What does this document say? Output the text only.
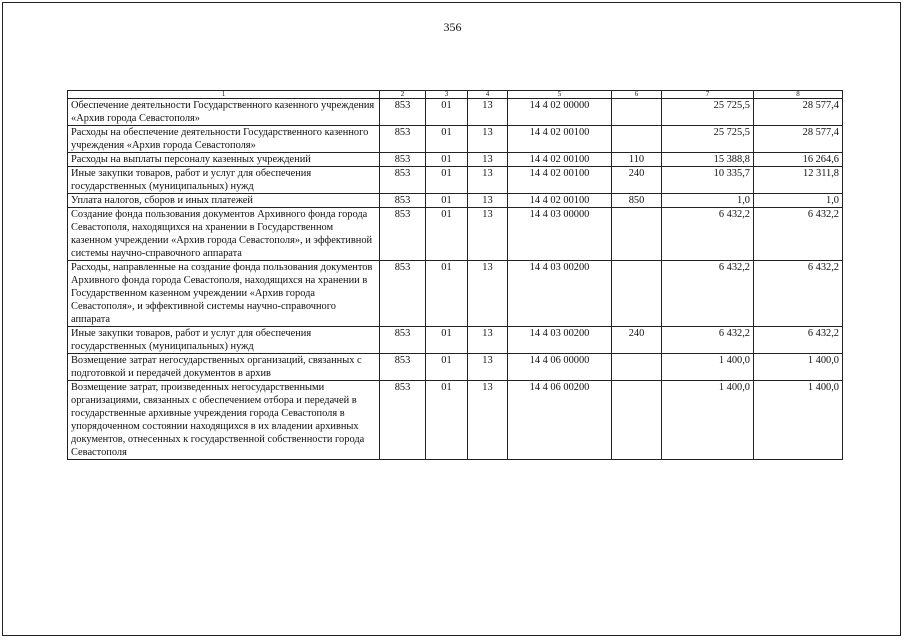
356
1	2	3	4	5	6	7	8
Обеспечение деятельности Государственного казенного учреждения «Архив города Севастополя»	853	01	13	14 4 02 00000		25 725,5	28 577,4
Расходы на обеспечение деятельности Государственного казенного учреждения «Архив города Севастополя»	853	01	13	14 4 02 00100		25 725,5	28 577,4
Расходы на выплаты персоналу казенных учреждений	853	01	13	14 4 02 00100	110	15 388,8	16 264,6
Иные закупки товаров, работ и услуг для обеспечения государственных (муниципальных) нужд	853	01	13	14 4 02 00100	240	10 335,7	12 311,8
Уплата налогов, сборов и иных платежей	853	01	13	14 4 02 00100	850	1,0	1,0
Создание фонда пользования документов Архивного фонда города Севастополя, находящихся на хранении в Государственном казенном учреждении «Архив города Севастополя», и эффективной системы научно-справочного аппарата	853	01	13	14 4 03 00000		6 432,2	6 432,2
Расходы, направленные на создание фонда пользования документов Архивного фонда города Севастополя, находящихся на хранении в Государственном казенном учреждении «Архив города Севастополя», и эффективной системы научно-справочного аппарата	853	01	13	14 4 03 00200		6 432,2	6 432,2
Иные закупки товаров, работ и услуг для обеспечения государственных (муниципальных) нужд	853	01	13	14 4 03 00200	240	6 432,2	6 432,2
Возмещение затрат негосударственных организаций, связанных с подготовкой и передачей документов в архив	853	01	13	14 4 06 00000		1 400,0	1 400,0
Возмещение затрат, произведенных негосударственными организациями, связанных с обеспечением отбора и передачей в государственные архивные учреждения города Севастополя в упорядоченном состоянии находящихся в их владении архивных документов, отнесенных к государственной собственности города Севастополя	853	01	13	14 4 06 00200		1 400,0	1 400,0
